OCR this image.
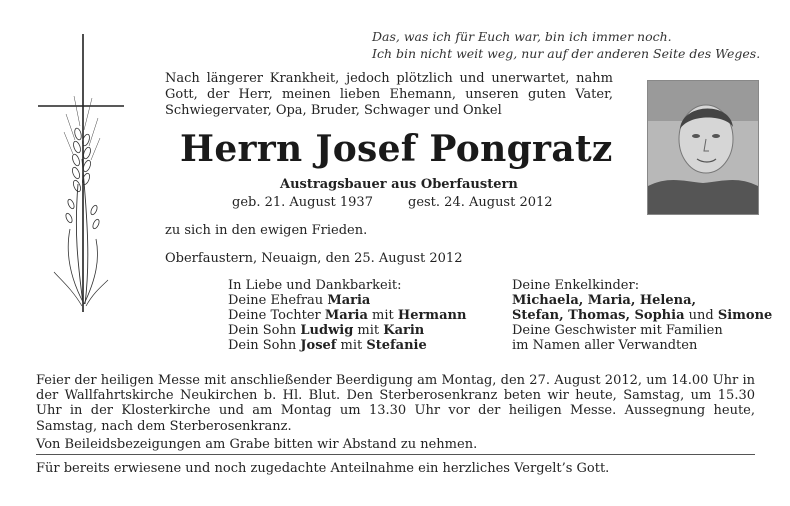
Das, was ich für Euch war, bin ich immer noch.
Ich bin nicht weit weg, nur auf der anderen Seite des Weges.
Nach längerer Krankheit, jedoch plötzlich und unerwartet, nahm Gott, der Herr, meinen lieben Ehemann, unseren guten Vater, Schwiegervater, Opa, Bruder, Schwager und Onkel
Herrn Josef Pongratz
Austragsbauer aus Oberfaustern
geb. 21. August 1937	gest. 24. August 2012
zu sich in den ewigen Frieden.
Oberfaustern, Neuaign, den 25. August 2012
In Liebe und Dankbarkeit:
Deine Ehefrau Maria
Deine Tochter Maria mit Hermann
Dein Sohn Ludwig mit Karin
Dein Sohn Josef mit Stefanie
Deine Enkelkinder:
Michaela, Maria, Helena,
Stefan, Thomas, Sophia und Simone
Deine Geschwister mit Familien
im Namen aller Verwandten

Feier der heiligen Messe mit anschließender Beerdigung am Montag, den 27. August 2012, um 14.00 Uhr in der Wallfahrtskirche Neukirchen b. Hl. Blut. Den Sterberosenkranz beten wir heute, Samstag, um 15.30 Uhr in der Klosterkirche und am Montag um 13.30 Uhr vor der heiligen Messe. Aussegnung heute, Samstag, nach dem Sterberosenkranz.

Von Beileidsbezeigungen am Grabe bitten wir Abstand zu nehmen.

Für bereits erwiesene und noch zugedachte Anteilnahme ein herzliches Vergelt’s Gott.
